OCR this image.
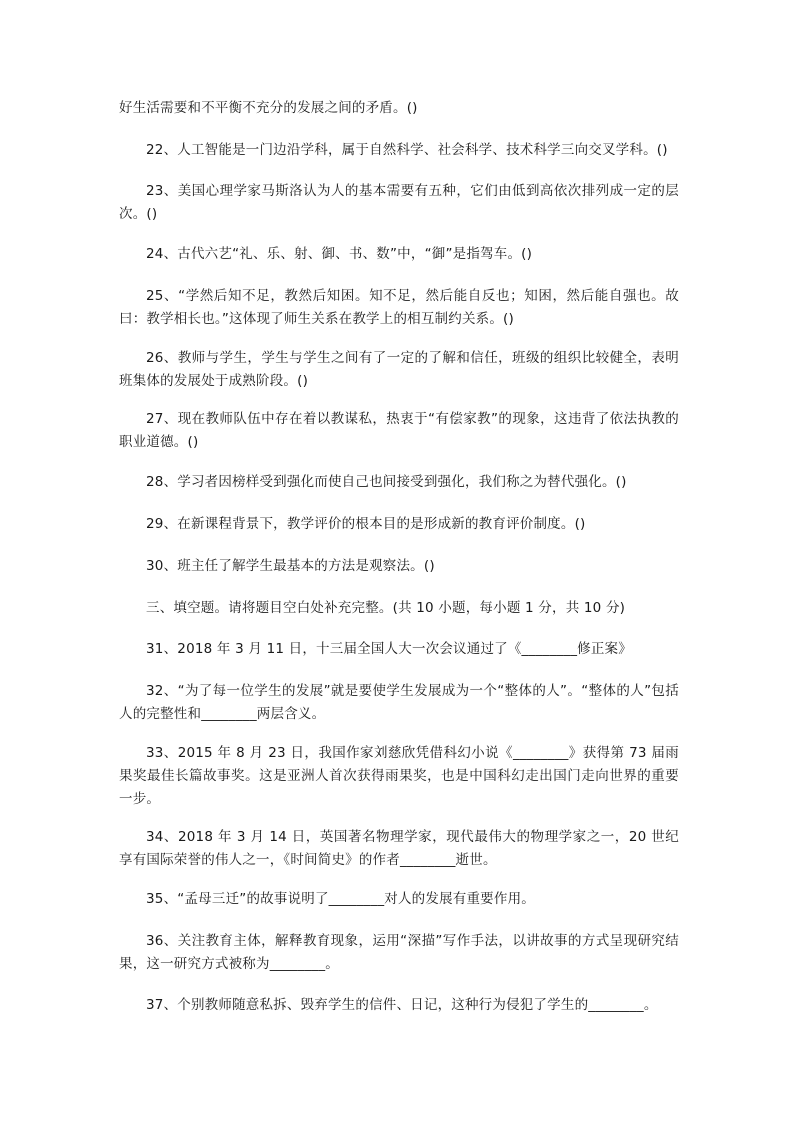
好生活需要和不平衡不充分的发展之间的矛盾。()

22、人工智能是一门边沿学科，属于自然科学、社会科学、技术科学三向交叉学科。()

23、美国心理学家马斯洛认为人的基本需要有五种，它们由低到高依次排列成一定的层次。()

24、古代六艺“礼、乐、射、御、书、数”中，“御”是指驾车。()

25、“学然后知不足，教然后知困。知不足，然后能自反也；知困，然后能自强也。故曰：教学相长也。”这体现了师生关系在教学上的相互制约关系。()

26、教师与学生，学生与学生之间有了一定的了解和信任，班级的组织比较健全，表明班集体的发展处于成熟阶段。()

27、现在教师队伍中存在着以教谋私，热衷于“有偿家教”的现象，这违背了依法执教的职业道德。()

28、学习者因榜样受到强化而使自己也间接受到强化，我们称之为替代强化。()

29、在新课程背景下，教学评价的根本目的是形成新的教育评价制度。()

30、班主任了解学生最基本的方法是观察法。()

三、填空题。请将题目空白处补充完整。(共 10 小题，每小题 1 分，共 10 分)

31、2018 年 3 月 11 日，十三届全国人大一次会议通过了《________修正案》

32、“为了每一位学生的发展”就是要使学生发展成为一个“整体的人”。“整体的人”包括人的完整性和________两层含义。

33、2015 年 8 月 23 日，我国作家刘慈欣凭借科幻小说《________》获得第 73 届雨果奖最佳长篇故事奖。这是亚洲人首次获得雨果奖，也是中国科幻走出国门走向世界的重要一步。

34、2018 年 3 月 14 日，英国著名物理学家，现代最伟大的物理学家之一，20 世纪享有国际荣誉的伟人之一，《时间简史》的作者________逝世。

35、“孟母三迁”的故事说明了________对人的发展有重要作用。

36、关注教育主体，解释教育现象，运用“深描”写作手法，以讲故事的方式呈现研究结果，这一研究方式被称为________。

37、个别教师随意私拆、毁弃学生的信件、日记，这种行为侵犯了学生的________。
